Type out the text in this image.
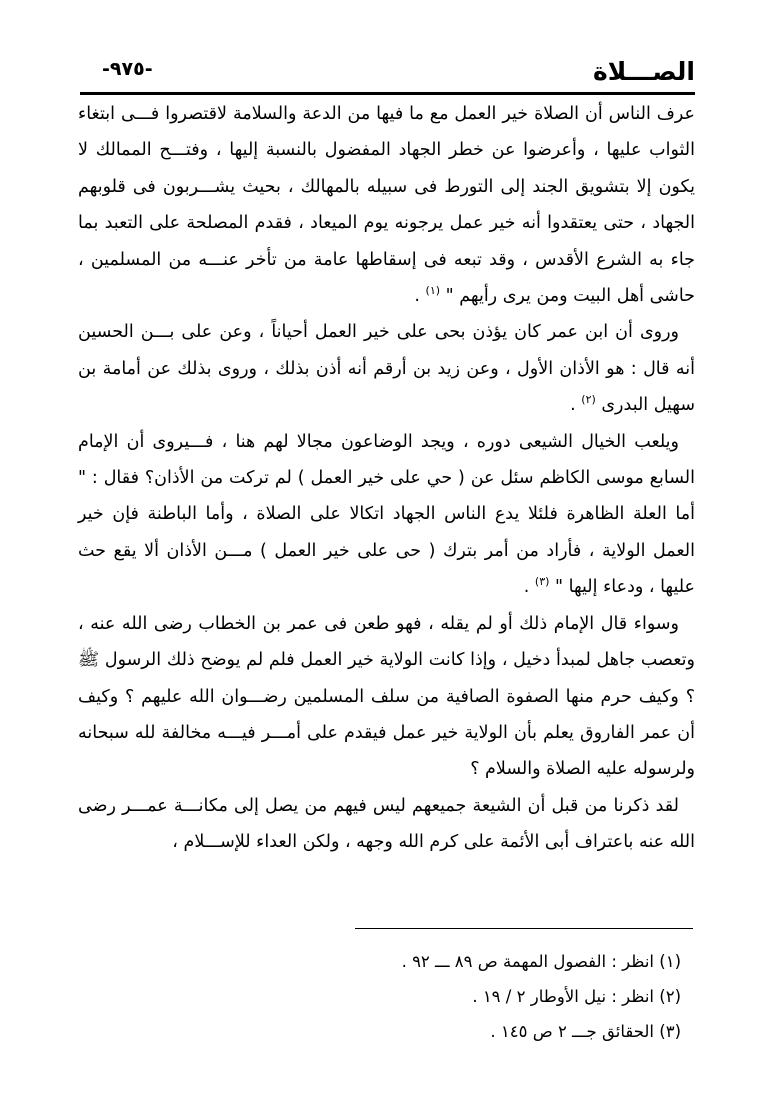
الصـــلاة
-٩٧٥-

عرف الناس أن الصلاة خير العمل مع ما فيها من الدعة والسلامة لاقتصروا فـــى ابتغاء الثواب عليها ، وأعرضوا عن خطر الجهاد المفضول بالنسبة إليها ، وفتـــح الممالك لا يكون إلا بتشويق الجند إلى التورط فى سبيله بالمهالك ، بحيث يشـــربون فى قلوبهم الجهاد ، حتى يعتقدوا أنه خير عمل يرجونه يوم الميعاد ، فقدم المصلحة على التعبد بما جاء به الشرع الأقدس ، وقد تبعه فى إسقاطها عامة من تأخر عنـــه من المسلمين ، حاشى أهل البيت ومن يرى رأيهم " $^{(١)}$ .

وروى أن ابن عمر كان يؤذن بحى على خير العمل أحياناً ، وعن على بـــن الحسين أنه قال : هو الأذان الأول ، وعن زيد بن أرقم أنه أذن بذلك ، وروى بذلك عن أمامة بن سهيل البدرى $^{(٢)}$ .

ويلعب الخيال الشيعى دوره ، ويجد الوضاعون مجالا لهم هنا ، فـــيروى أن الإمام السابع موسى الكاظم سئل عن ( حي على خير العمل ) لم تركت من الأذان؟ فقال : " أما العلة الظاهرة فلئلا يدع الناس الجهاد اتكالا على الصلاة ، وأما الباطنة فإن خير العمل الولاية ، فأراد من أمر بترك ( حى على خير العمل ) مـــن الأذان ألا يقع حث عليها ، ودعاء إليها " $^{(٣)}$ .

وسواء قال الإمام ذلك أو لم يقله ، فهو طعن فى عمر بن الخطاب رضى الله عنه ، وتعصب جاهل لمبدأ دخيل ، وإذا كانت الولاية خير العمل فلم لم يوضح ذلك الرسول ﷺ ؟ وكيف حرم منها الصفوة الصافية من سلف المسلمين رضـــوان الله عليهم ؟ وكيف أن عمر الفاروق يعلم بأن الولاية خير عمل فيقدم على أمـــر فيـــه مخالفة لله سبحانه ولرسوله عليه الصلاة والسلام ؟

لقد ذكرنا من قبل أن الشيعة جميعهم ليس فيهم من يصل إلى مكانـــة عمـــر رضى الله عنه باعتراف أبى الأئمة على كرم الله وجهه ، ولكن العداء للإســـلام ،

(١) انظر : الفصول المهمة ص ٨٩ ـــ ٩٢ .

(٢) انظر : نيل الأوطار ٢ / ١٩ .

(٣) الحقائق جـــ ٢ ص ١٤٥ .
